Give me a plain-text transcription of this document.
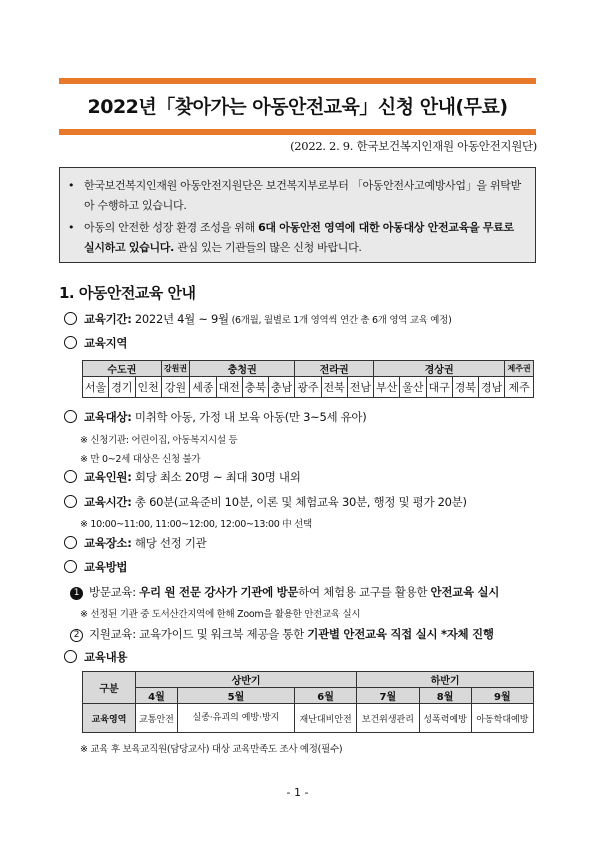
2022년「찾아가는 아동안전교육」신청 안내(무료)
(2022. 2. 9. 한국보건복지인재원 아동안전지원단)
• 한국보건복지인재원 아동안전지원단은 보건복지부로부터 「아동안전사고예방사업」을 위탁받아 수행하고 있습니다.
• 아동의 안전한 성장 환경 조성을 위해 6대 아동안전 영역에 대한 아동대상 안전교육을 무료로 실시하고 있습니다. 관심 있는 기관들의 많은 신청 바랍니다.
1. 아동안전교육 안내
교육기간: 2022년 4월 ~ 9월 (6개월, 월별로 1개 영역씩 연간 총 6개 영역 교육 예정)
교육지역
수도권			강원권	충청권				전라권			경상권					제주권
서울	경기	인천	강원	세종	대전	충북	충남	광주	전북	전남	부산	울산	대구	경북	경남	제주
교육대상: 미취학 아동, 가정 내 보육 아동(만 3~5세 유아)
※ 신청기관: 어린이집, 아동복지시설 등
※ 만 0~2세 대상은 신청 불가
교육인원: 회당 최소 20명 ~ 최대 30명 내외
교육시간: 총 60분(교육준비 10분, 이론 및 체험교육 30분, 행정 및 평가 20분)
※ 10:00~11:00, 11:00~12:00, 12:00~13:00 中 선택
교육장소: 해당 선정 기관
교육방법
1 방문교육: 우리 원 전문 강사가 기관에 방문하여 체험용 교구를 활용한 안전교육 실시
※ 선정된 기관 중 도서산간지역에 한해 Zoom을 활용한 안전교육 실시
2 지원교육: 교육가이드 및 워크북 제공을 통한 기관별 안전교육 직접 실시 *자체 진행
교육내용
구분	상반기			하반기		
	4월	5월	6월	7월	8월	9월
교육영역	교통안전	실종·유괴의 예방·방지	재난대비안전	보건위생관리	성폭력예방	아동학대예방
※ 교육 후 보육교직원(담당교사) 대상 교육만족도 조사 예정(필수)
- 1 -
